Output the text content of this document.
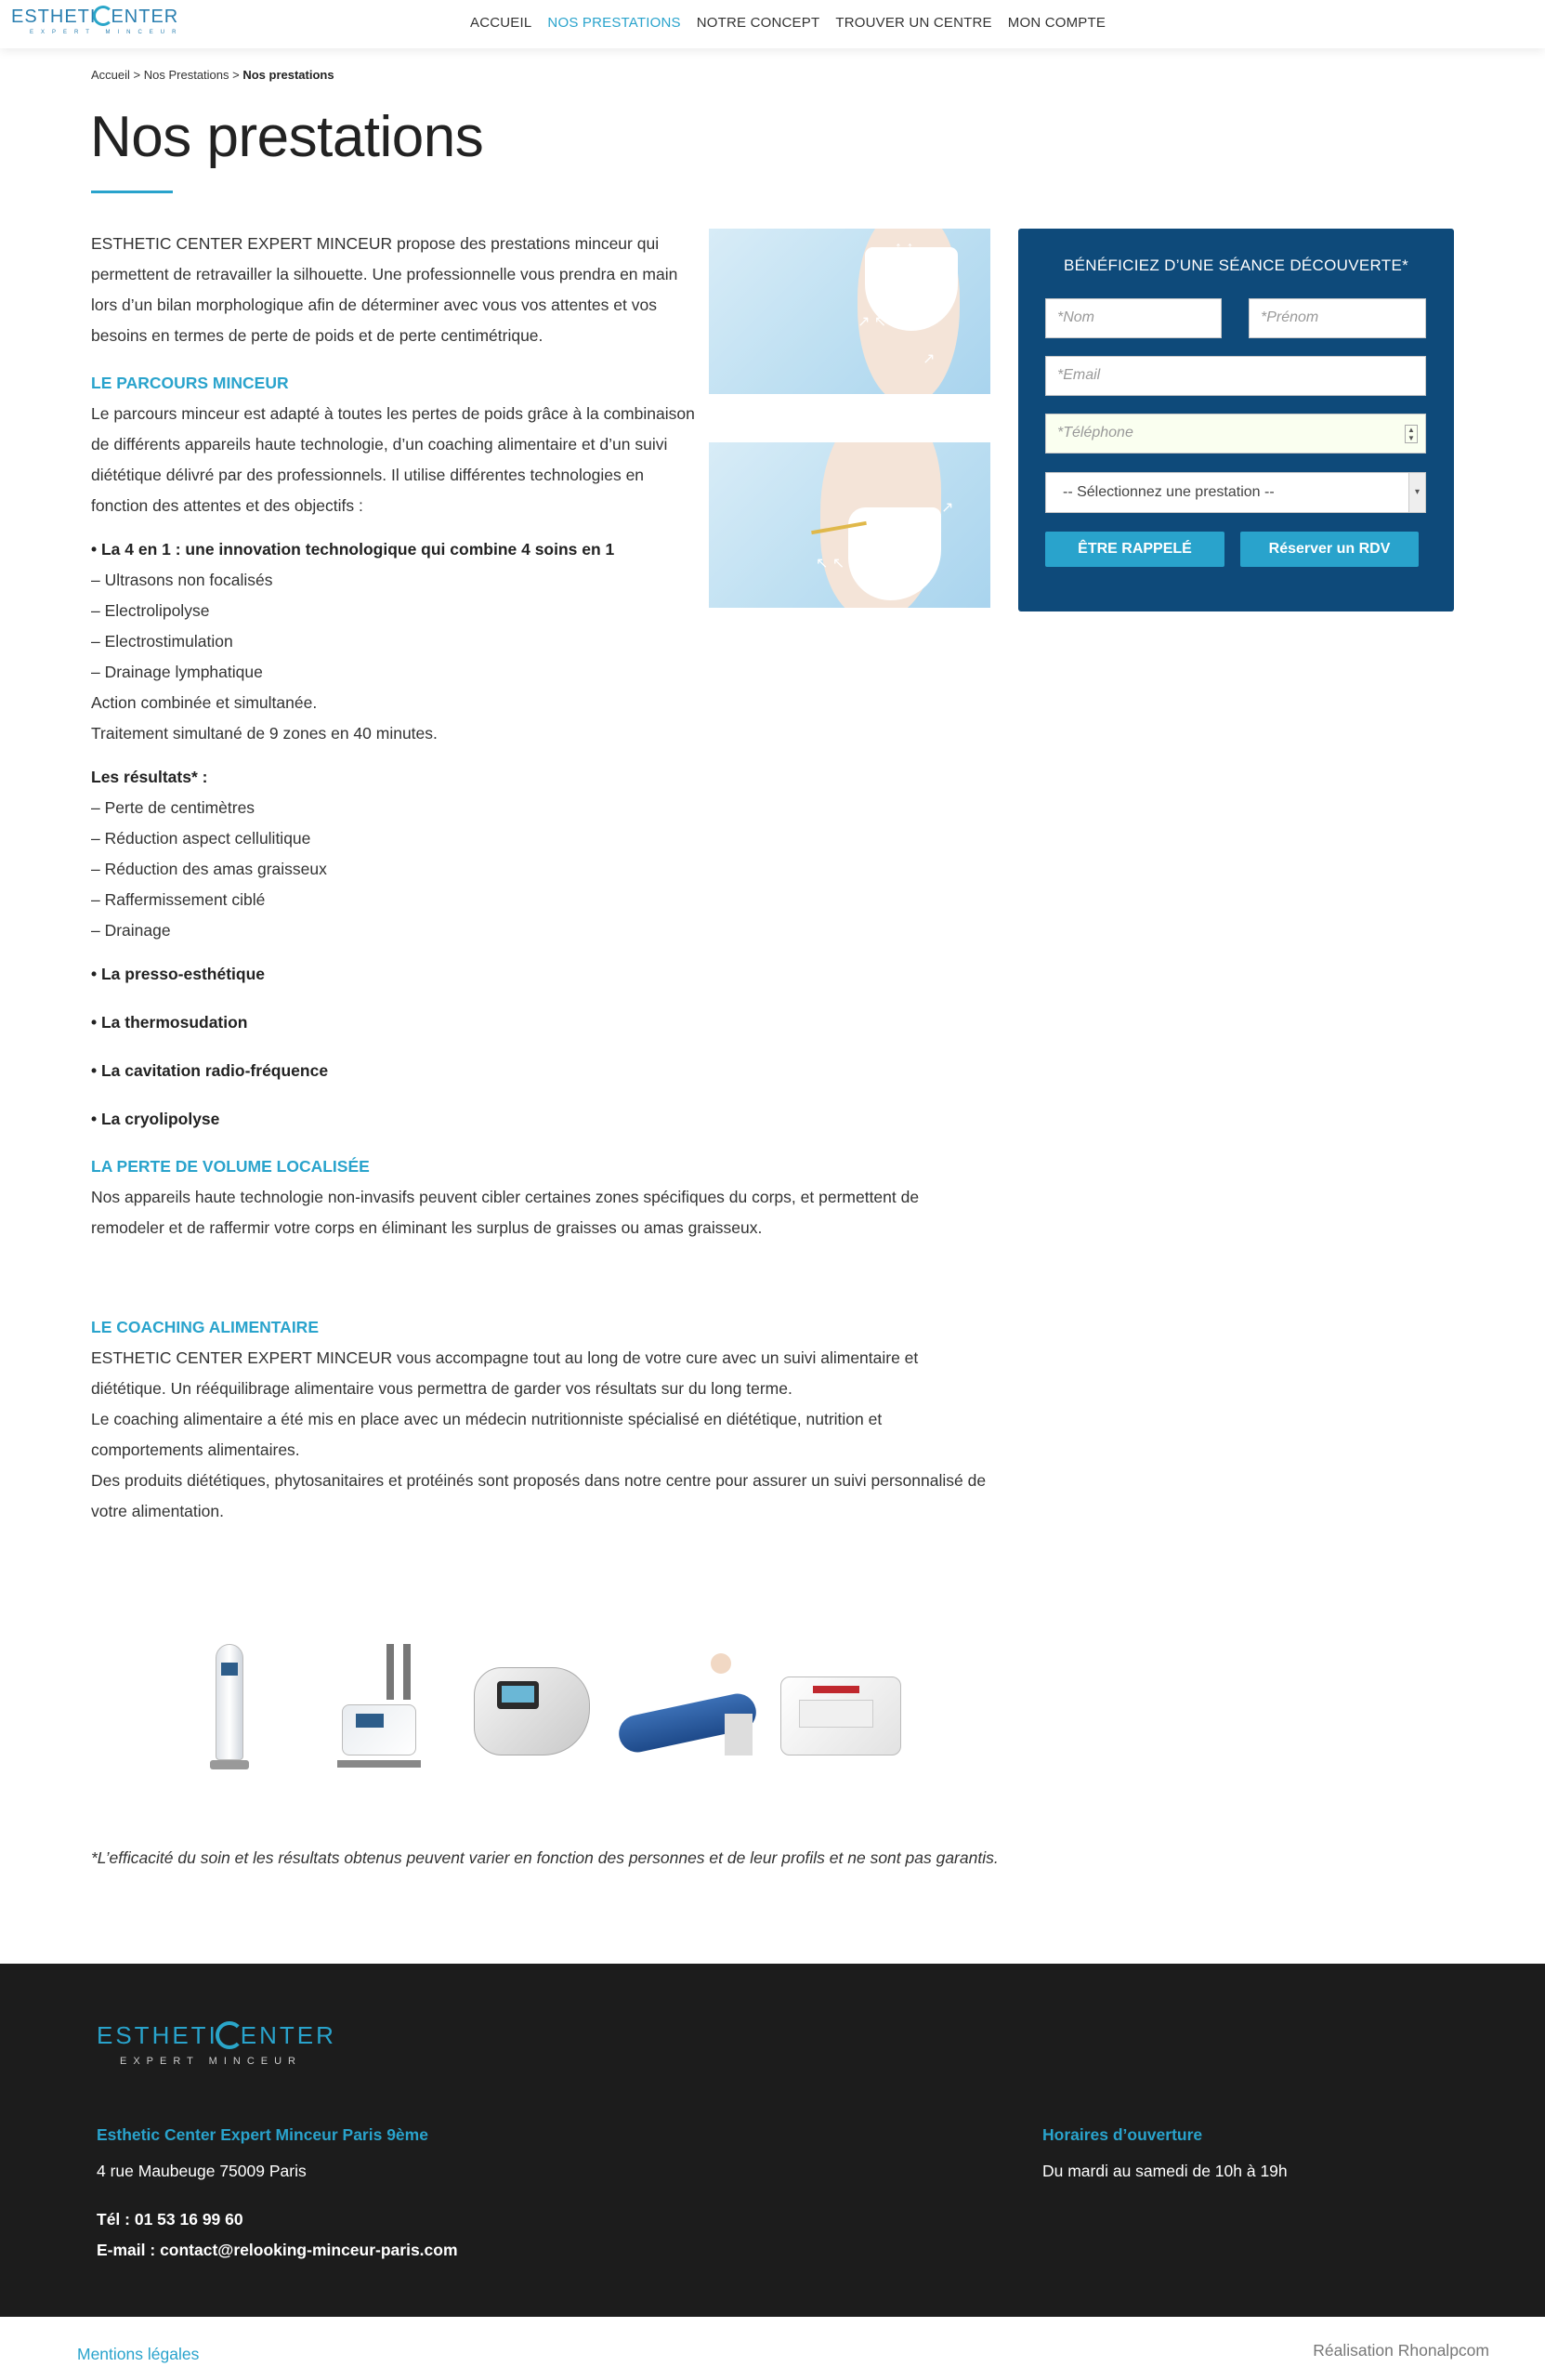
ESTHETI ENTER
EXPERT MINCEUR
ACCUEIL NOS PRESTATIONS NOTRE CONCEPT TROUVER UN CENTRE MON COMPTE
Accueil > Nos Prestations > Nos prestations
Nos prestations

ESTHETIC CENTER EXPERT MINCEUR propose des prestations minceur qui permettent de retravailler la silhouette. Une professionnelle vous prendra en main lors d’un bilan morphologique afin de déterminer avec vous vos attentes et vos besoins en termes de perte de poids et de perte centimétrique.

LE PARCOURS MINCEUR

Le parcours minceur est adapté à toutes les pertes de poids grâce à la combinaison de différents appareils haute technologie, d’un coaching alimentaire et d’un suivi diététique délivré par des professionnels. Il utilise différentes technologies en fonction des attentes et des objectifs :

• La 4 en 1 : une innovation technologique qui combine 4 soins en 1

– Ultrasons non focalisés

– Electrolipolyse

– Electrostimulation

– Drainage lymphatique

Action combinée et simultanée.

Traitement simultané de 9 zones en 40 minutes.

Les résultats* :

– Perte de centimètres

– Réduction aspect cellulitique

– Réduction des amas graisseux

– Raffermissement ciblé

– Drainage

• La presso-esthétique

• La thermosudation

• La cavitation radio-fréquence

• La cryolipolyse

LA PERTE DE VOLUME LOCALISÉE

Nos appareils haute technologie non-invasifs peuvent cibler certaines zones spécifiques du corps, et permettent de remodeler et de raffermir votre corps en éliminant les surplus de graisses ou amas graisseux.

LE COACHING ALIMENTAIRE

ESTHETIC CENTER EXPERT MINCEUR vous accompagne tout au long de votre cure avec un suivi alimentaire et diététique. Un rééquilibrage alimentaire vous permettra de garder vos résultats sur du long terme.

Le coaching alimentaire a été mis en place avec un médecin nutritionniste spécialisé en diététique, nutrition et comportements alimentaires.

Des produits diététiques, phytosanitaires et protéinés sont proposés dans notre centre pour assurer un suivi personnalisé de votre alimentation.

↑ ↑
↗ ↖
↗
↖ ↖
↗
BÉNÉFICIEZ D’UNE SÉANCE DÉCOUVERTE*
*Nom	*Prénom
*Email
*Téléphone	▲
▼
-- Sélectionnez une prestation --	▾
ÊTRE RAPPELÉ	Réserver un RDV

*L’efficacité du soin et les résultats obtenus peuvent varier en fonction des personnes et de leur profils et ne sont pas garantis.

ESTHETI ENTER
EXPERT MINCEUR
Esthetic Center Expert Minceur Paris 9ème
4 rue Maubeuge 75009 Paris
Tél : 01 53 16 99 60
E-mail : contact@relooking-minceur-paris.com
Horaires d’ouverture
Du mardi au samedi de 10h à 19h
Mentions légales	Réalisation Rhonalpcom
